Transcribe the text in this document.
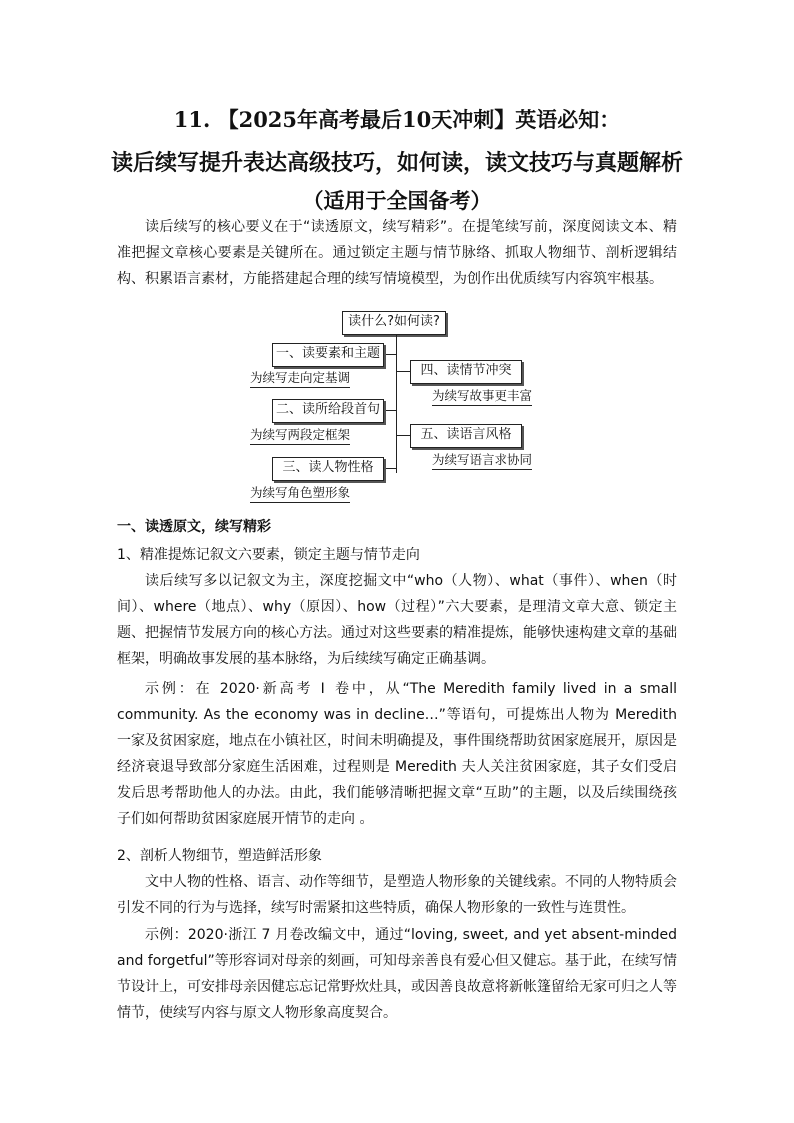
11. 【2025年高考最后10天冲刺】英语必知：
读后续写提升表达高级技巧，如何读，读文技巧与真题解析
（适用于全国备考）
读后续写的核心要义在于“读透原文，续写精彩”。在提笔续写前，深度阅读文本、精准把握文章核心要素是关键所在。通过锁定主题与情节脉络、抓取人物细节、剖析逻辑结构、积累语言素材，方能搭建起合理的续写情境模型，为创作出优质续写内容筑牢根基。
读什么?如何读?
一、读要素和主题
为续写走向定基调
二、读所给段首句
为续写两段定框架
三、读人物性格
为续写角色塑形象
四、读情节冲突
为续写故事更丰富
五、读语言风格
为续写语言求协同
一、读透原文，续写精彩
1、精准提炼记叙文六要素，锁定主题与情节走向
读后续写多以记叙文为主，深度挖掘文中“who（人物）、what（事件）、when（时间）、where（地点）、why（原因）、how（过程）”六大要素，是理清文章大意、锁定主题、把握情节发展方向的核心方法。通过对这些要素的精准提炼，能够快速构建文章的基础框架，明确故事发展的基本脉络，为后续续写确定正确基调。
示例：在 2020·新高考 Ⅰ 卷中，从“The Meredith family lived in a small community. As the economy was in decline…”等语句，可提炼出人物为 Meredith 一家及贫困家庭，地点在小镇社区，时间未明确提及，事件围绕帮助贫困家庭展开，原因是经济衰退导致部分家庭生活困难，过程则是 Meredith 夫人关注贫困家庭，其子女们受启发后思考帮助他人的办法。由此，我们能够清晰把握文章“互助”的主题，以及后续围绕孩子们如何帮助贫困家庭展开情节的走向 。
2、剖析人物细节，塑造鲜活形象
文中人物的性格、语言、动作等细节，是塑造人物形象的关键线索。不同的人物特质会引发不同的行为与选择，续写时需紧扣这些特质，确保人物形象的一致性与连贯性。
示例：2020·浙江 7 月卷改编文中，通过“loving, sweet, and yet absent-minded and forgetful”等形容词对母亲的刻画，可知母亲善良有爱心但又健忘。基于此，在续写情节设计上，可安排母亲因健忘忘记常野炊灶具，或因善良故意将新帐篷留给无家可归之人等情节，使续写内容与原文人物形象高度契合。
